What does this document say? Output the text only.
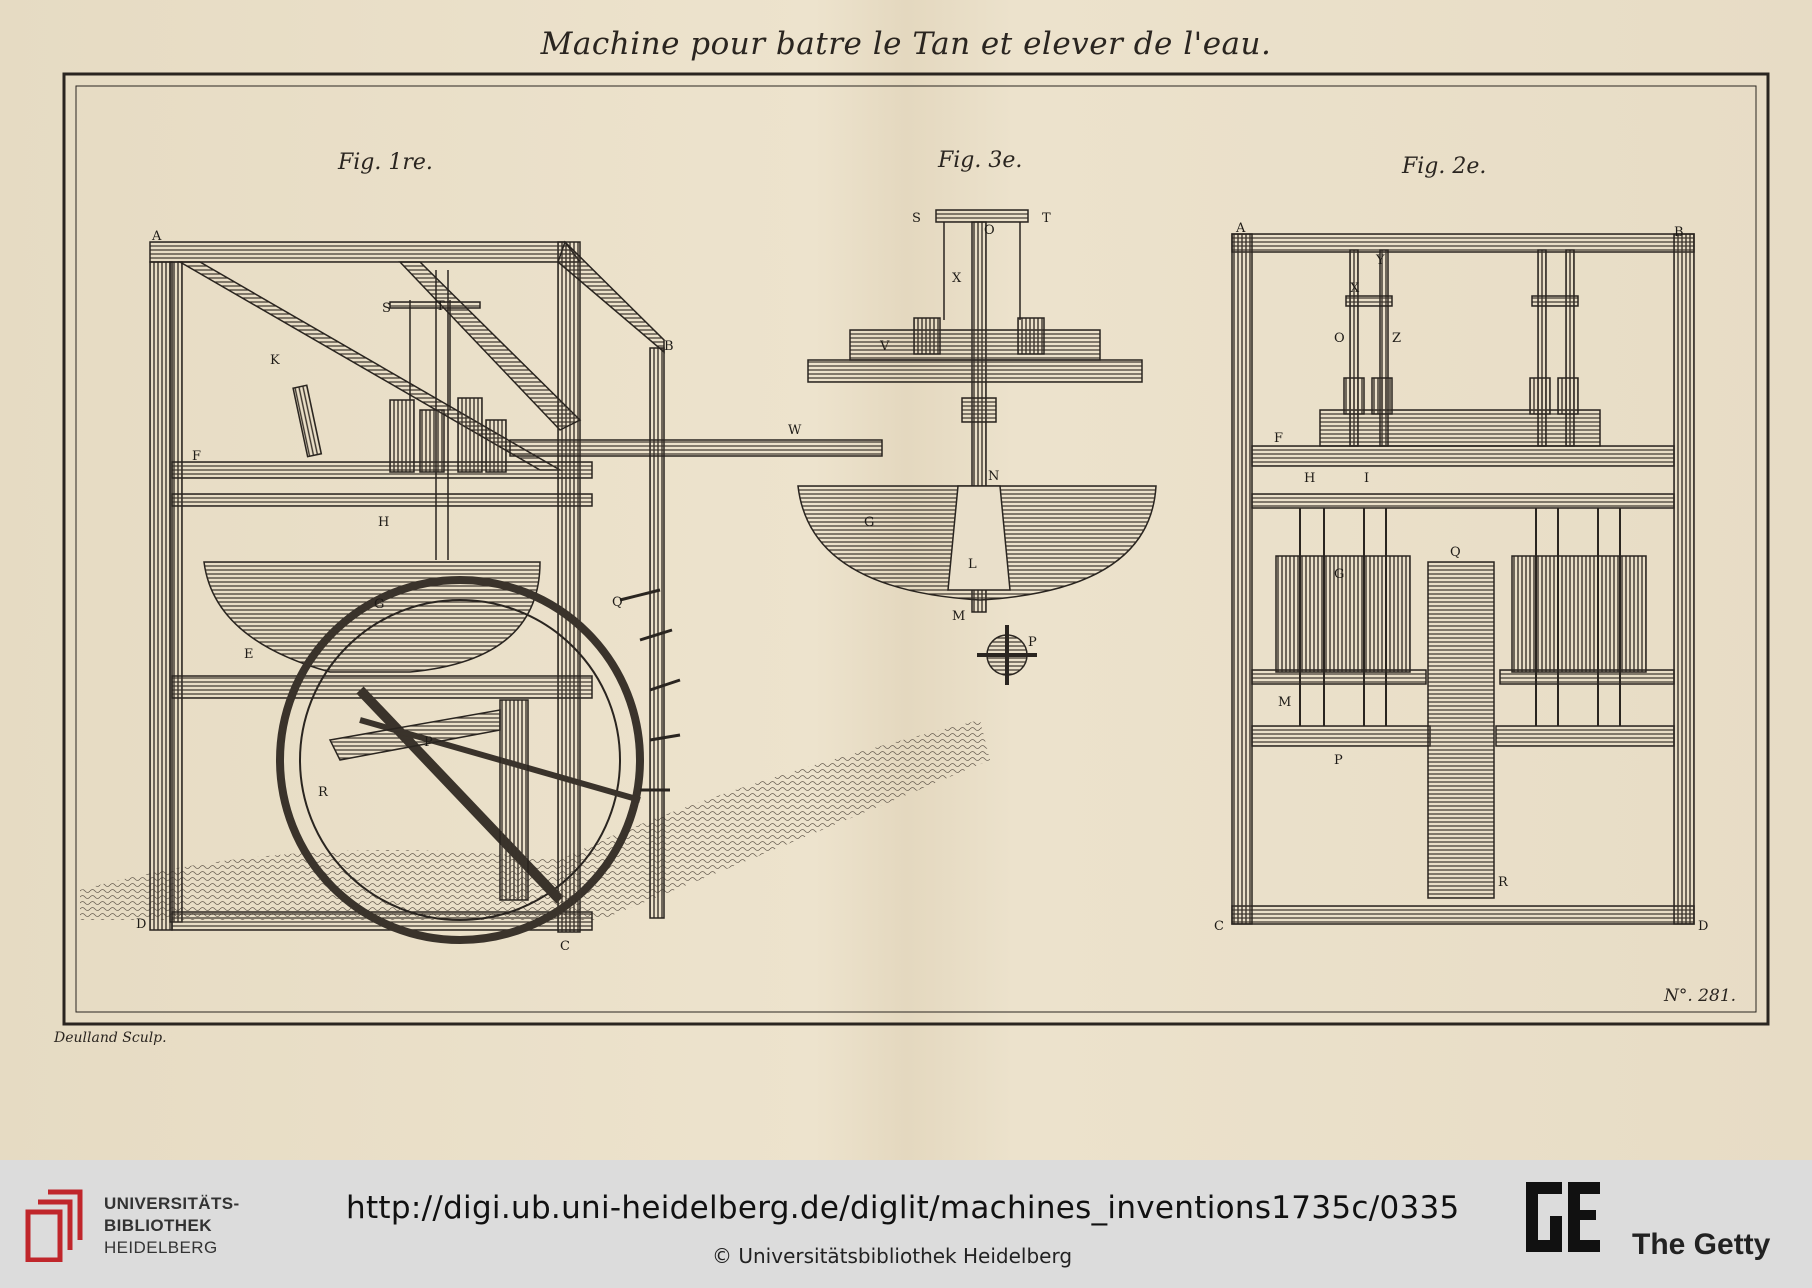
Machine pour batre le Tan et elever de l'eau.
A
B
C
D
E
F
G
H
K
P
Q
R
S	T
W
S
O
T
X
V
N
G
L
M
P
A	B
C	D
Y
X
O	Z
F
H	I
Q
G
M
P
R
Fig. 1re.	Fig. 3e.	Fig. 2e.
Deulland Sculp.
N°. 281.
UNIVERSITÄTS-
BIBLIOTHEK
HEIDELBERG
http://digi.ub.uni-heidelberg.de/diglit/machines_inventions1735c/0335
© Universitätsbibliothek Heidelberg	The Getty
